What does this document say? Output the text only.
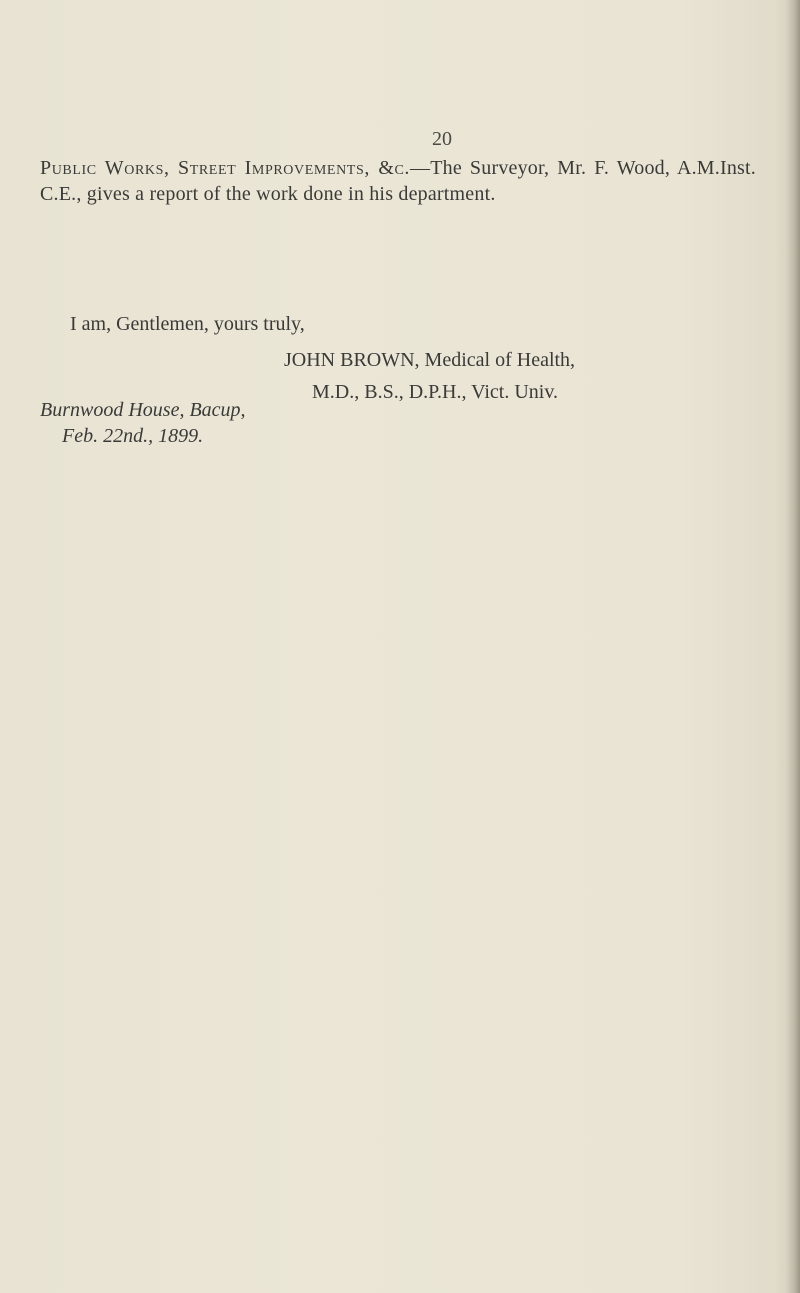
20
Public Works, Street Improvements, &c.—The Surveyor, Mr. F. Wood, A.M.Inst. C.E., gives a report of the work done in his department.
I am, Gentlemen, yours truly,
JOHN BROWN, Medical of Health,
M.D., B.S., D.P.H., Vict. Univ.
Burnwood House, Bacup,
Feb. 22nd., 1899.
